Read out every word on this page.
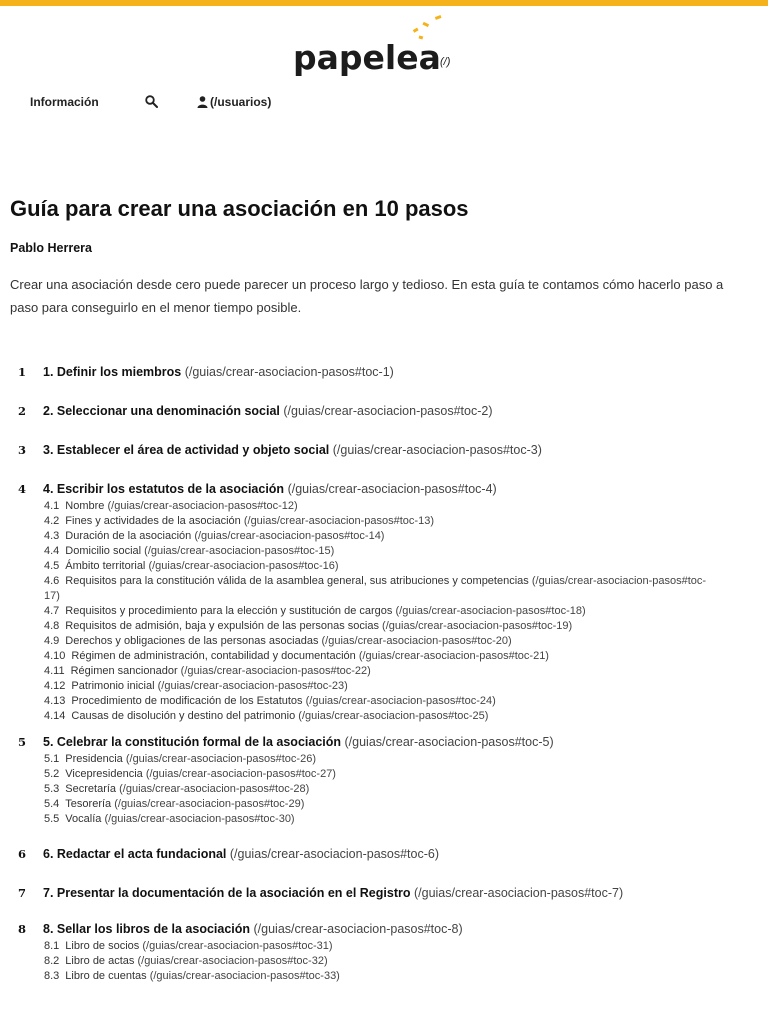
papelea (/)
Información	(/usuarios)
Guía para crear una asociación en 10 pasos
Pablo Herrera

Crear una asociación desde cero puede parecer un proceso largo y tedioso. En esta guía te contamos cómo hacerlo paso a paso para conseguirlo en el menor tiempo posible.

1 1. Definir los miembros (/guias/crear-asociacion-pasos#toc-1)
2 2. Seleccionar una denominación social (/guias/crear-asociacion-pasos#toc-2)
3 3. Establecer el área de actividad y objeto social (/guias/crear-asociacion-pasos#toc-3)
4 4. Escribir los estatutos de la asociación (/guias/crear-asociacion-pasos#toc-4)
4.1 Nombre (/guias/crear-asociacion-pasos#toc-12)
4.2 Fines y actividades de la asociación (/guias/crear-asociacion-pasos#toc-13)
4.3 Duración de la asociación (/guias/crear-asociacion-pasos#toc-14)
4.4 Domicilio social (/guias/crear-asociacion-pasos#toc-15)
4.5 Ámbito territorial (/guias/crear-asociacion-pasos#toc-16)
4.6 Requisitos para la constitución válida de la asamblea general, sus atribuciones y competencias (/guias/crear-asociacion-pasos#toc-17)
4.7 Requisitos y procedimiento para la elección y sustitución de cargos (/guias/crear-asociacion-pasos#toc-18)
4.8 Requisitos de admisión, baja y expulsión de las personas socias (/guias/crear-asociacion-pasos#toc-19)
4.9 Derechos y obligaciones de las personas asociadas (/guias/crear-asociacion-pasos#toc-20)
4.10 Régimen de administración, contabilidad y documentación (/guias/crear-asociacion-pasos#toc-21)
4.11 Régimen sancionador (/guias/crear-asociacion-pasos#toc-22)
4.12 Patrimonio inicial (/guias/crear-asociacion-pasos#toc-23)
4.13 Procedimiento de modificación de los Estatutos (/guias/crear-asociacion-pasos#toc-24)
4.14 Causas de disolución y destino del patrimonio (/guias/crear-asociacion-pasos#toc-25)
5 5. Celebrar la constitución formal de la asociación (/guias/crear-asociacion-pasos#toc-5)
5.1 Presidencia (/guias/crear-asociacion-pasos#toc-26)
5.2 Vicepresidencia (/guias/crear-asociacion-pasos#toc-27)
5.3 Secretaría (/guias/crear-asociacion-pasos#toc-28)
5.4 Tesorería (/guias/crear-asociacion-pasos#toc-29)
5.5 Vocalía (/guias/crear-asociacion-pasos#toc-30)
6 6. Redactar el acta fundacional (/guias/crear-asociacion-pasos#toc-6)
7 7. Presentar la documentación de la asociación en el Registro (/guias/crear-asociacion-pasos#toc-7)
8 8. Sellar los libros de la asociación (/guias/crear-asociacion-pasos#toc-8)
8.1 Libro de socios (/guias/crear-asociacion-pasos#toc-31)
8.2 Libro de actas (/guias/crear-asociacion-pasos#toc-32)
8.3 Libro de cuentas (/guias/crear-asociacion-pasos#toc-33)
